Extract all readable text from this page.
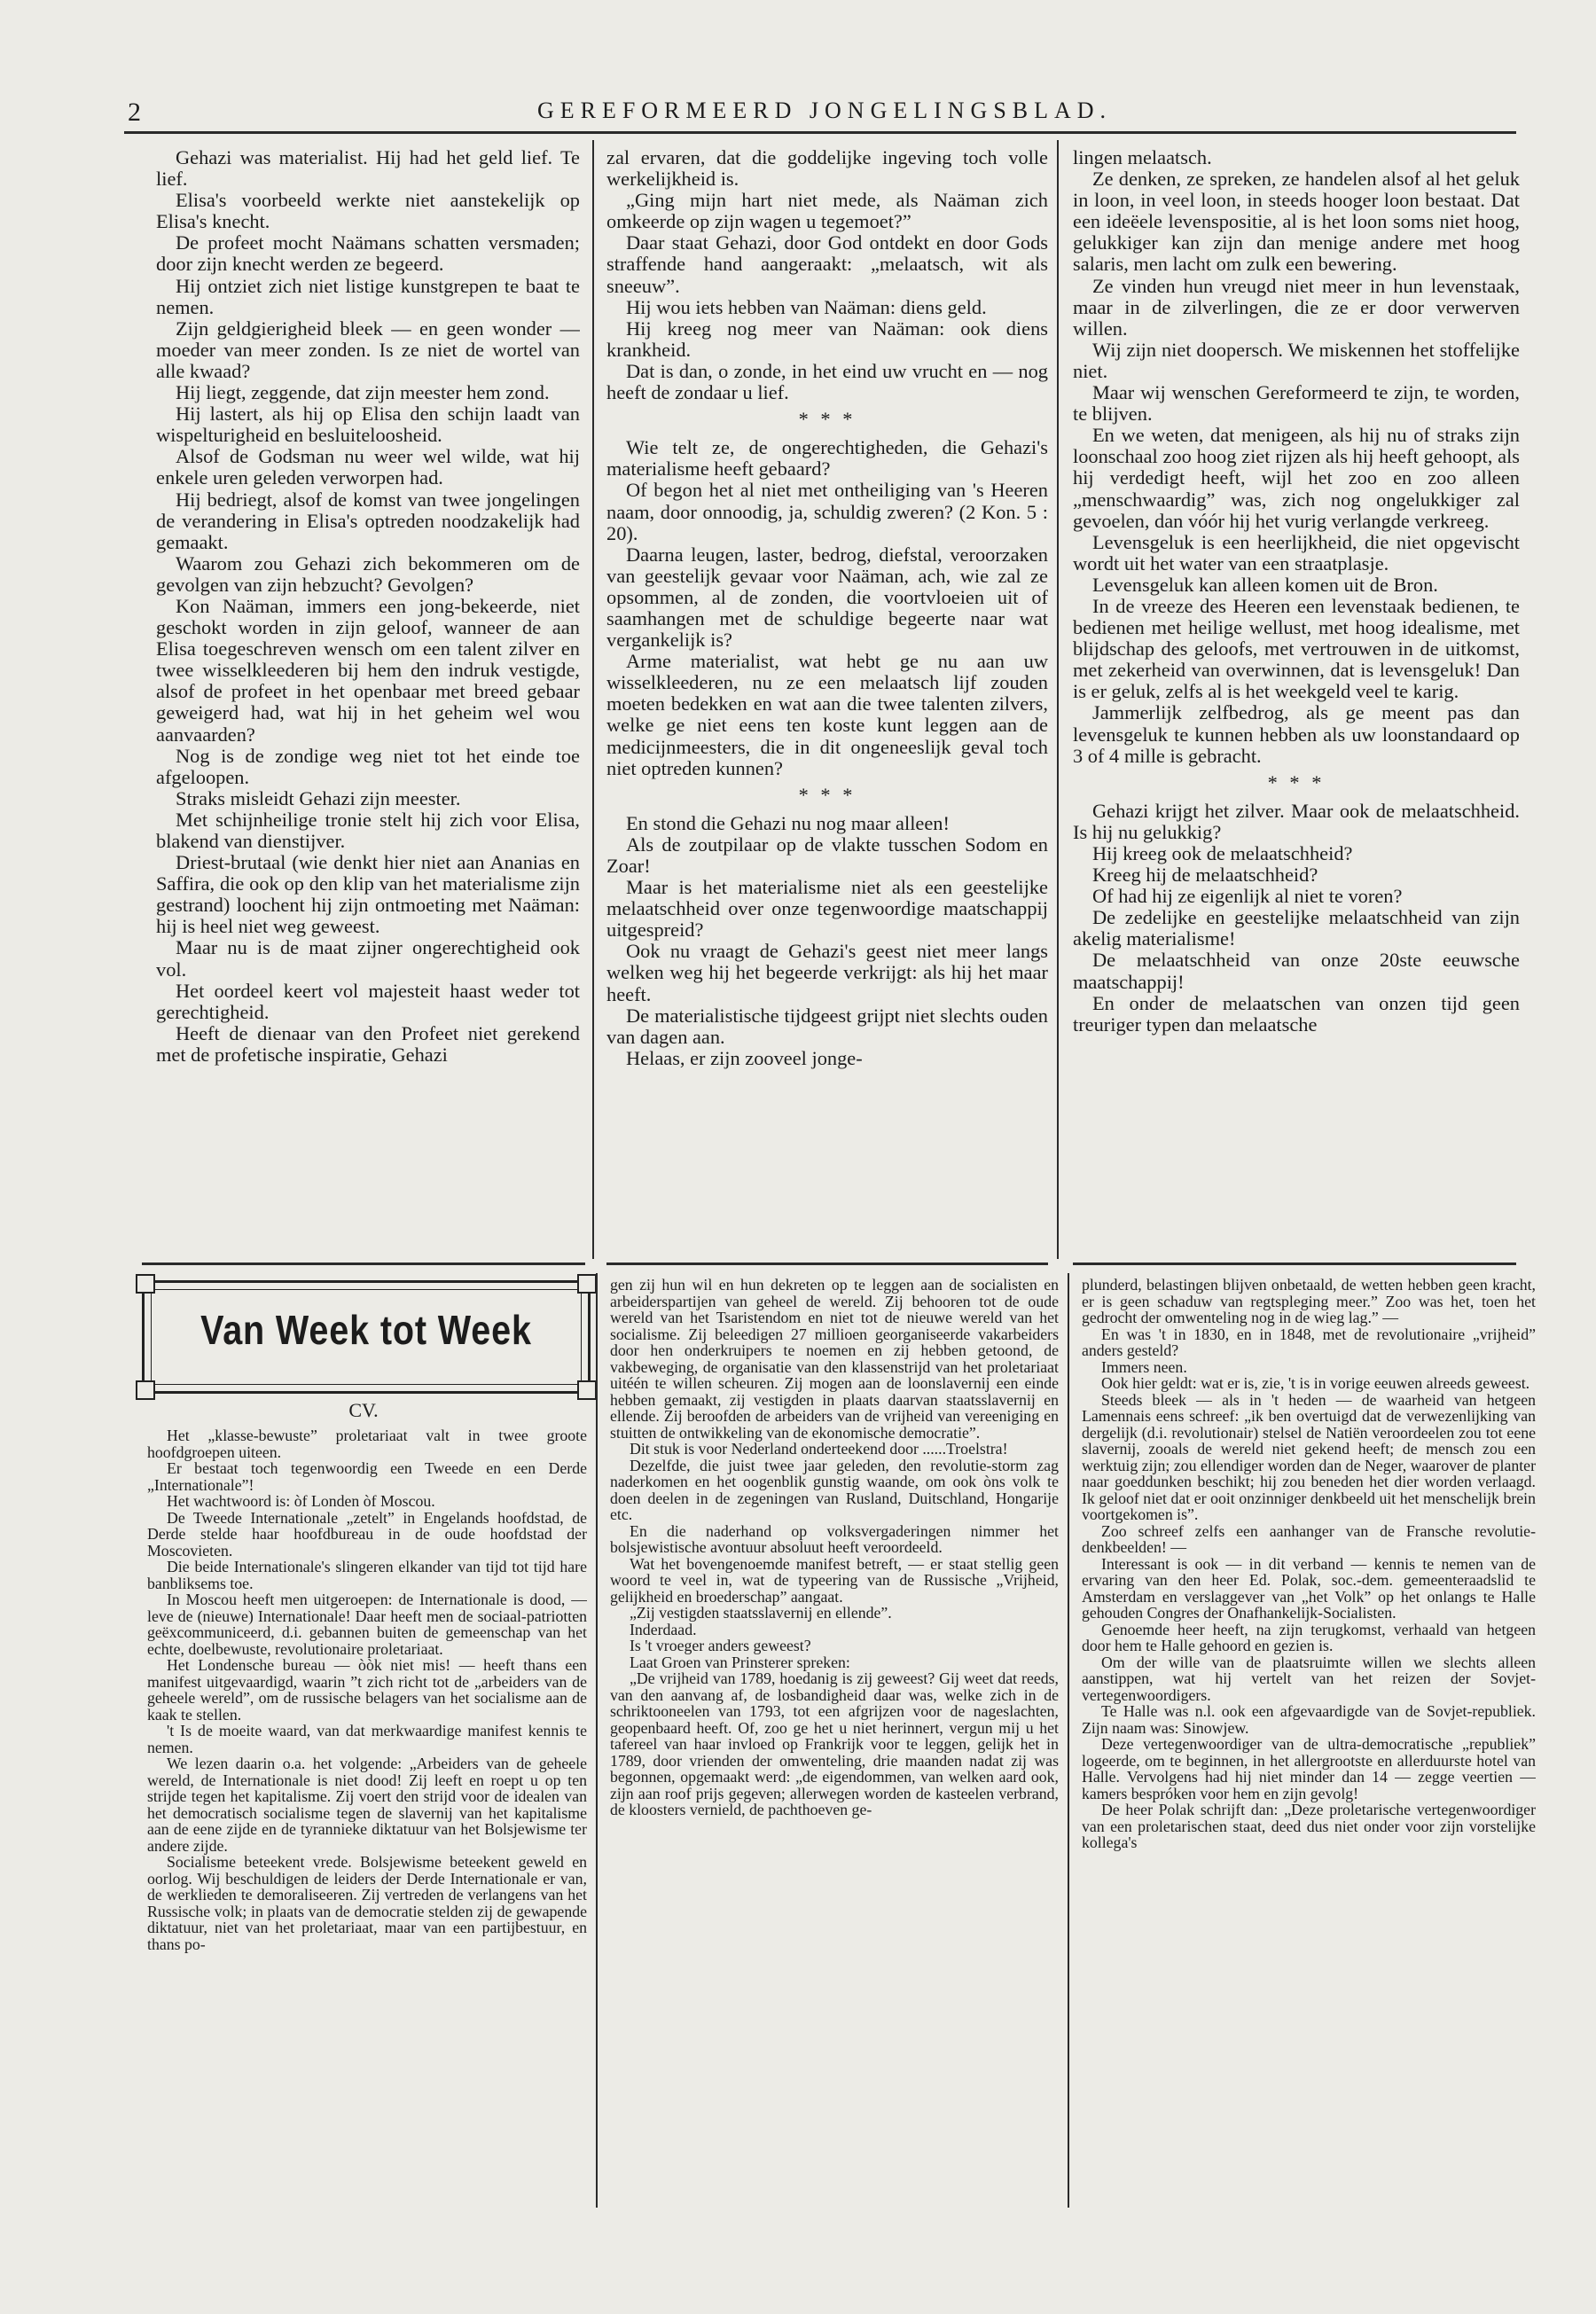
2	GEREFORMEERD JONGELINGSBLAD.

Gehazi was materialist. Hij had het geld lief. Te lief.

Elisa's voorbeeld werkte niet aanstekelijk op Elisa's knecht.

De profeet mocht Naämans schatten versmaden; door zijn knecht werden ze begeerd.

Hij ontziet zich niet listige kunstgrepen te baat te nemen.

Zijn geldgierigheid bleek — en geen wonder — moeder van meer zonden. Is ze niet de wortel van alle kwaad?

Hij liegt, zeggende, dat zijn meester hem zond.

Hij lastert, als hij op Elisa den schijn laadt van wispelturigheid en besluiteloosheid.

Alsof de Godsman nu weer wel wilde, wat hij enkele uren geleden verworpen had.

Hij bedriegt, alsof de komst van twee jongelingen de verandering in Elisa's optreden noodzakelijk had gemaakt.

Waarom zou Gehazi zich bekommeren om de gevolgen van zijn hebzucht? Gevolgen?

Kon Naäman, immers een jong-bekeerde, niet geschokt worden in zijn geloof, wanneer de aan Elisa toegeschreven wensch om een talent zilver en twee wisselkleederen bij hem den indruk vestigde, alsof de profeet in het openbaar met breed gebaar geweigerd had, wat hij in het geheim wel wou aanvaarden?

Nog is de zondige weg niet tot het einde toe afgeloopen.

Straks misleidt Gehazi zijn meester.

Met schijnheilige tronie stelt hij zich voor Elisa, blakend van dienstijver.

Driest-brutaal (wie denkt hier niet aan Ananias en Saffira, die ook op den klip van het materialisme zijn gestrand) loochent hij zijn ontmoeting met Naäman: hij is heel niet weg geweest.

Maar nu is de maat zijner ongerechtigheid ook vol.

Het oordeel keert vol majesteit haast weder tot gerechtigheid.

Heeft de dienaar van den Profeet niet gerekend met de profetische inspiratie, Gehazi

zal ervaren, dat die goddelijke ingeving toch volle werkelijkheid is.

„Ging mijn hart niet mede, als Naäman zich omkeerde op zijn wagen u tegemoet?”

Daar staat Gehazi, door God ontdekt en door Gods straffende hand aangeraakt: „melaatsch, wit als sneeuw”.

Hij wou iets hebben van Naäman: diens geld.

Hij kreeg nog meer van Naäman: ook diens krankheid.

Dat is dan, o zonde, in het eind uw vrucht en — nog heeft de zondaar u lief.

* * *

Wie telt ze, de ongerechtigheden, die Gehazi's materialisme heeft gebaard?

Of begon het al niet met ontheiliging van 's Heeren naam, door onnoodig, ja, schuldig zweren? (2 Kon. 5 : 20).

Daarna leugen, laster, bedrog, diefstal, veroorzaken van geestelijk gevaar voor Naäman, ach, wie zal ze opsommen, al de zonden, die voortvloeien uit of saamhangen met de schuldige begeerte naar wat vergankelijk is?

Arme materialist, wat hebt ge nu aan uw wisselkleederen, nu ze een melaatsch lijf zouden moeten bedekken en wat aan die twee talenten zilvers, welke ge niet eens ten koste kunt leggen aan de medicijnmeesters, die in dit ongeneeslijk geval toch niet optreden kunnen?

* * *

En stond die Gehazi nu nog maar alleen!

Als de zoutpilaar op de vlakte tusschen Sodom en Zoar!

Maar is het materialisme niet als een geestelijke melaatschheid over onze tegenwoordige maatschappij uitgespreid?

Ook nu vraagt de Gehazi's geest niet meer langs welken weg hij het begeerde verkrijgt: als hij het maar heeft.

De materialistische tijdgeest grijpt niet slechts ouden van dagen aan.

Helaas, er zijn zooveel jonge-

lingen melaatsch.

Ze denken, ze spreken, ze handelen alsof al het geluk in loon, in veel loon, in steeds hooger loon bestaat. Dat een ideëele levenspositie, al is het loon soms niet hoog, gelukkiger kan zijn dan menige andere met hoog salaris, men lacht om zulk een bewering.

Ze vinden hun vreugd niet meer in hun levenstaak, maar in de zilverlingen, die ze er door verwerven willen.

Wij zijn niet doopersch. We miskennen het stoffelijke niet.

Maar wij wenschen Gereformeerd te zijn, te worden, te blijven.

En we weten, dat menigeen, als hij nu of straks zijn loonschaal zoo hoog ziet rijzen als hij heeft gehoopt, als hij verdedigt heeft, wijl het zoo en zoo alleen „menschwaardig” was, zich nog ongelukkiger zal gevoelen, dan vóór hij het vurig verlangde verkreeg.

Levensgeluk is een heerlijkheid, die niet opgevischt wordt uit het water van een straatplasje.

Levensgeluk kan alleen komen uit de Bron.

In de vreeze des Heeren een levenstaak bedienen, te bedienen met heilige wellust, met hoog idealisme, met blijdschap des geloofs, met vertrouwen in de uitkomst, met zekerheid van overwinnen, dat is levensgeluk! Dan is er geluk, zelfs al is het weekgeld veel te karig.

Jammerlijk zelfbedrog, als ge meent pas dan levensgeluk te kunnen hebben als uw loonstandaard op 3 of 4 mille is gebracht.

* * *

Gehazi krijgt het zilver. Maar ook de melaatschheid. Is hij nu gelukkig?

Hij kreeg ook de melaatschheid?

Kreeg hij de melaatschheid?

Of had hij ze eigenlijk al niet te voren?

De zedelijke en geestelijke melaatschheid van zijn akelig materialisme!

De melaatschheid van onze 20ste eeuwsche maatschappij!

En onder de melaatschen van onzen tijd geen treuriger typen dan melaatsche

Van Week tot Week
CV.

Het „klasse-bewuste” proletariaat valt in twee groote hoofdgroepen uiteen.

Er bestaat toch tegenwoordig een Tweede en een Derde „Internationale”!

Het wachtwoord is: òf Londen òf Moscou.

De Tweede Internationale „zetelt” in Engelands hoofdstad, de Derde stelde haar hoofdbureau in de oude hoofdstad der Moscovieten.

Die beide Internationale's slingeren elkander van tijd tot tijd hare banbliksems toe.

In Moscou heeft men uitgeroepen: de Internationale is dood, — leve de (nieuwe) Internationale! Daar heeft men de sociaal-patriotten geëxcommuniceerd, d.i. gebannen buiten de gemeenschap van het echte, doelbewuste, revolutionaire proletariaat.

Het Londensche bureau — òòk niet mis! — heeft thans een manifest uitgevaardigd, waarin ”t zich richt tot de „arbeiders van de geheele wereld”, om de russische belagers van het socialisme aan de kaak te stellen.

't Is de moeite waard, van dat merkwaardige manifest kennis te nemen.

We lezen daarin o.a. het volgende: „Arbeiders van de geheele wereld, de Internationale is niet dood! Zij leeft en roept u op ten strijde tegen het kapitalisme. Zij voert den strijd voor de idealen van het democratisch socialisme tegen de slavernij van het kapitalisme aan de eene zijde en de tyrannieke diktatuur van het Bolsjewisme ter andere zijde.

Socialisme beteekent vrede. Bolsjewisme beteekent geweld en oorlog. Wij beschuldigen de leiders der Derde Internationale er van, de werklieden te demoraliseeren. Zij vertreden de verlangens van het Russische volk; in plaats van de democratie stelden zij de gewapende diktatuur, niet van het proletariaat, maar van een partijbestuur, en thans po-

gen zij hun wil en hun dekreten op te leggen aan de socialisten en arbeiderspartijen van geheel de wereld. Zij behooren tot de oude wereld van het Tsaristendom en niet tot de nieuwe wereld van het socialisme. Zij beleedigen 27 millioen georganiseerde vakarbeiders door hen onderkruipers te noemen en zij hebben getoond, de vakbeweging, de organisatie van den klassenstrijd van het proletariaat uitéén te willen scheuren. Zij mogen aan de loonslavernij een einde hebben gemaakt, zij vestigden in plaats daarvan staatsslavernij en ellende. Zij beroofden de arbeiders van de vrijheid van vereeniging en stuitten de ontwikkeling van de ekonomische democratie”.

Dit stuk is voor Nederland onderteekend door ......Troelstra!

Dezelfde, die juist twee jaar geleden, den revolutie-storm zag naderkomen en het oogenblik gunstig waande, om ook òns volk te doen deelen in de zegeningen van Rusland, Duitschland, Hongarije etc.

En die naderhand op volksvergaderingen nimmer het bolsjewistische avontuur absoluut heeft veroordeeld.

Wat het bovengenoemde manifest betreft, — er staat stellig geen woord te veel in, wat de typeering van de Russische „Vrijheid, gelijkheid en broederschap” aangaat.

„Zij vestigden staatsslavernij en ellende”.

Inderdaad.

Is 't vroeger anders geweest?

Laat Groen van Prinsterer spreken:

„De vrijheid van 1789, hoedanig is zij geweest? Gij weet dat reeds, van den aanvang af, de losbandigheid daar was, welke zich in de schriktooneelen van 1793, tot een afgrijzen voor de nageslachten, geopenbaard heeft. Of, zoo ge het u niet herinnert, vergun mij u het tafereel van haar invloed op Frankrijk voor te leggen, gelijk het in 1789, door vrienden der omwenteling, drie maanden nadat zij was begonnen, opgemaakt werd: „de eigendommen, van welken aard ook, zijn aan roof prijs gegeven; allerwegen worden de kasteelen verbrand, de kloosters vernield, de pachthoeven ge-

plunderd, belastingen blijven onbetaald, de wetten hebben geen kracht, er is geen schaduw van regtspleging meer.” Zoo was het, toen het gedrocht der omwenteling nog in de wieg lag.” —

En was 't in 1830, en in 1848, met de revolutionaire „vrijheid” anders gesteld?

Immers neen.

Ook hier geldt: wat er is, zie, 't is in vorige eeuwen alreeds geweest.

Steeds bleek — als in 't heden — de waarheid van hetgeen Lamennais eens schreef: „ik ben overtuigd dat de verwezenlijking van dergelijk (d.i. revolutionair) stelsel de Natiën veroordeelen zou tot eene slavernij, zooals de wereld niet gekend heeft; de mensch zou een werktuig zijn; zou ellendiger worden dan de Neger, waarover de planter naar goeddunken beschikt; hij zou beneden het dier worden verlaagd. Ik geloof niet dat er ooit onzinniger denkbeeld uit het menschelijk brein voortgekomen is”.

Zoo schreef zelfs een aanhanger van de Fransche revolutie-denkbeelden! —

Interessant is ook — in dit verband — kennis te nemen van de ervaring van den heer Ed. Polak, soc.-dem. gemeenteraadslid te Amsterdam en verslaggever van „het Volk” op het onlangs te Halle gehouden Congres der Onafhankelijk-Socialisten.

Genoemde heer heeft, na zijn terugkomst, verhaald van hetgeen door hem te Halle gehoord en gezien is.

Om der wille van de plaatsruimte willen we slechts alleen aanstippen, wat hij vertelt van het reizen der Sovjet-vertegenwoordigers.

Te Halle was n.l. ook een afgevaardigde van de Sovjet-republiek. Zijn naam was: Sinowjew.

Deze vertegenwoordiger van de ultra-democratische „republiek” logeerde, om te beginnen, in het allergrootste en allerduurste hotel van Halle. Vervolgens had hij niet minder dan 14 — zegge veertien — kamers bespróken voor hem en zijn gevolg!

De heer Polak schrijft dan: „Deze proletarische vertegenwoordiger van een proletarischen staat, deed dus niet onder voor zijn vorstelijke kollega's
